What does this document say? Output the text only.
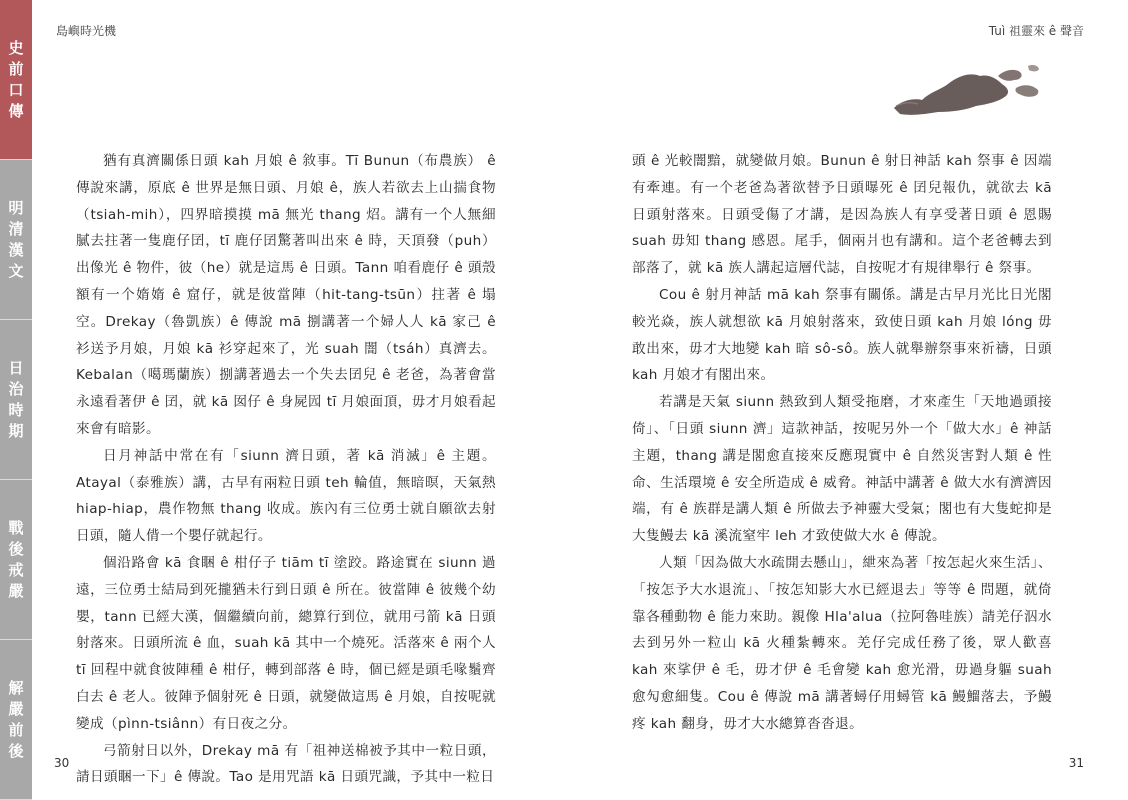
史
前
口
傳
明
清
漢
文
日
治
時
期
戰
後
戒
嚴
解
嚴
前
後
島嶼時光機	Tuì 祖靈來 ê 聲音

猶有真濟關係日頭 kah 月娘 ê 敘事。Tī Bunun（布農族） ê 傳說來講，原底 ê 世界是無日頭、月娘 ê，族人若欲去上山揣食物（tsiah-mih），四界暗摸摸 mā 無光 thang 炤。講有一个人無細膩去拄著一隻鹿仔囝，tī 鹿仔囝驚著叫出來 ê 時，天頂發（puh）出像光 ê 物件，彼（he）就是這馬 ê 日頭。Tann 咱看鹿仔 ê 頭殼額有一个媠媠 ê 窟仔，就是彼當陣（hit-tang-tsūn）拄著 ê 塌空。Drekay（魯凱族）ê 傳說 mā 捌講著一个婦人人 kā 家己 ê 衫送予月娘，月娘 kā 衫穿起來了，光 suah 闇（tsáh）真濟去。Kebalan（噶瑪蘭族）捌講著過去一个失去囝兒 ê 老爸，為著會當永遠看著伊 ê 囝，就 kā 囡仔 ê 身屍囥 tī 月娘面頂，毋才月娘看起來會有暗影。

日月神話中常在有「siunn 濟日頭，著 kā 消滅」ê 主題。Atayal（泰雅族）講，古早有兩粒日頭 teh 輪值，無暗暝，天氣熱 hiap-hiap，農作物無 thang 收成。族內有三位勇士就自願欲去射日頭，隨人偝一个嬰仔就起行。

個沿路會 kā 食睏 ê 柑仔子 tiām tī 塗跤。路途實在 siunn 過遠，三位勇士結局到死攏猶未行到日頭 ê 所在。彼當陣 ê 彼幾个幼嬰，tann 已經大漢，個繼續向前，總算行到位，就用弓箭 kā 日頭射落來。日頭所流 ê 血，suah kā 其中一个燒死。活落來 ê 兩个人 tī 回程中就食彼陣種 ê 柑仔，轉到部落 ê 時，個已經是頭毛喙鬚齊白去 ê 老人。彼陣予個射死 ê 日頭，就變做這馬 ê 月娘，自按呢就變成（pìnn-tsiânn）有日夜之分。

弓箭射日以外，Drekay mā 有「祖神送棉被予其中一粒日頭，請日頭睏一下」ê 傳說。Tao 是用咒語 kā 日頭咒識，予其中一粒日

頭 ê 光較闇黯，就變做月娘。Bunun ê 射日神話 kah 祭事 ê 因端有牽連。有一个老爸為著欲替予日頭曝死 ê 囝兒報仇，就欲去 kā 日頭射落來。日頭受傷了才講，是因為族人有享受著日頭 ê 恩賜 suah 毋知 thang 感恩。尾手，個兩爿也有講和。這个老爸轉去到部落了，就 kā 族人講起這層代誌，自按呢才有規律舉行 ê 祭事。

Cou ê 射月神話 mā kah 祭事有關係。講是古早月光比日光閣較光焱，族人就想欲 kā 月娘射落來，致使日頭 kah 月娘 lóng 毋敢出來，毋才大地變 kah 暗 sô-sô。族人就舉辦祭事來祈禱，日頭 kah 月娘才有閣出來。

若講是天氣 siunn 熱致到人類受拖磨，才來產生「天地過頭接倚」、「日頭 siunn 濟」這款神話，按呢另外一个「做大水」ê 神話主題，thang 講是閣愈直接來反應現實中 ê 自然災害對人類 ê 性命、生活環境 ê 安全所造成 ê 威脅。神話中講著 ê 做大水有濟濟因端，有 ê 族群是講人類 ê 所做去予神靈大受氣；閣也有大隻蛇抑是大隻鰻去 kā 溪流窒牢 leh 才致使做大水 ê 傳說。

人類「因為做大水疏開去懸山」，紲來為著「按怎起火來生活」、「按怎予大水退流」、「按怎知影大水已經退去」等等 ê 問題，就倚靠各種動物 ê 能力來助。親像 Hla'alua（拉阿魯哇族）請羌仔泅水去到另外一粒山 kā 火種紮轉來。羌仔完成任務了後，眾人歡喜 kah 來挲伊 ê 毛，毋才伊 ê 毛會變 kah 愈光滑，毋過身軀 suah 愈勼愈細隻。Cou ê 傳說 mā 講著蟳仔用蟳管 kā 鰻鰡落去，予鰻疼 kah 翻身，毋才大水總算沓沓退。

30	31
